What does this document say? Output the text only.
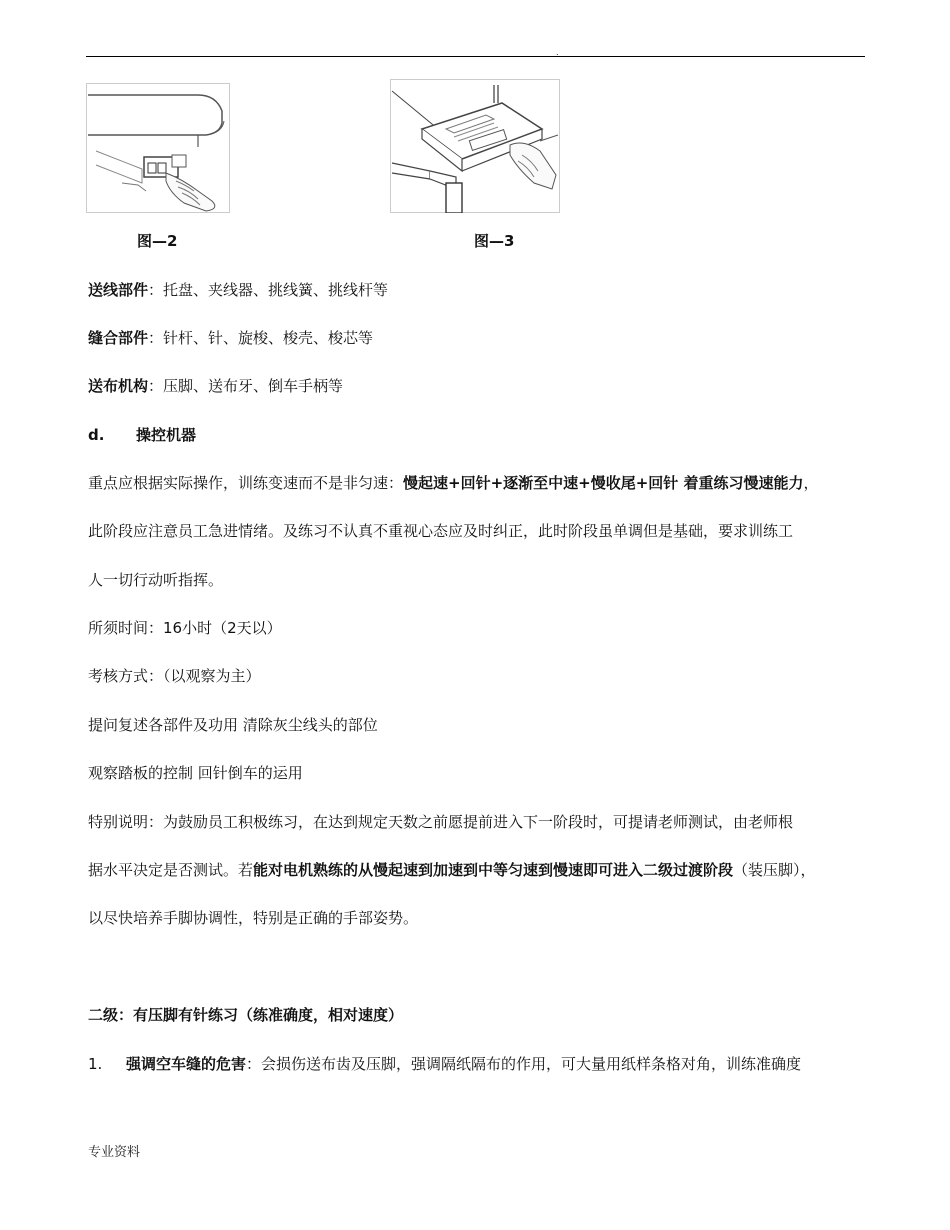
.
图—2	图—3
送线部件：托盘、夹线器、挑线簧、挑线杆等
缝合部件：针杆、针、旋梭、梭壳、梭芯等
送布机构：压脚、送布牙、倒车手柄等
d. 操控机器
重点应根据实际操作，训练变速而不是非匀速：慢起速+回针+逐渐至中速+慢收尾+回针 着重练习慢速能力，
此阶段应注意员工急进情绪。及练习不认真不重视心态应及时纠正，此时阶段虽单调但是基础，要求训练工
人一切行动听指挥。
所须时间：16小时（2天以）
考核方式：（以观察为主）
提问复述各部件及功用 清除灰尘线头的部位
观察踏板的控制 回针倒车的运用
特别说明：为鼓励员工积极练习，在达到规定天数之前愿提前进入下一阶段时，可提请老师测试，由老师根
据水平决定是否测试。若能对电机熟练的从慢起速到加速到中等匀速到慢速即可进入二级过渡阶段（装压脚），
以尽快培养手脚协调性，特别是正确的手部姿势。
二级：有压脚有针练习（练准确度，相对速度）
1. 强调空车缝的危害：会损伤送布齿及压脚，强调隔纸隔布的作用，可大量用纸样条格对角，训练准确度
专业资料
